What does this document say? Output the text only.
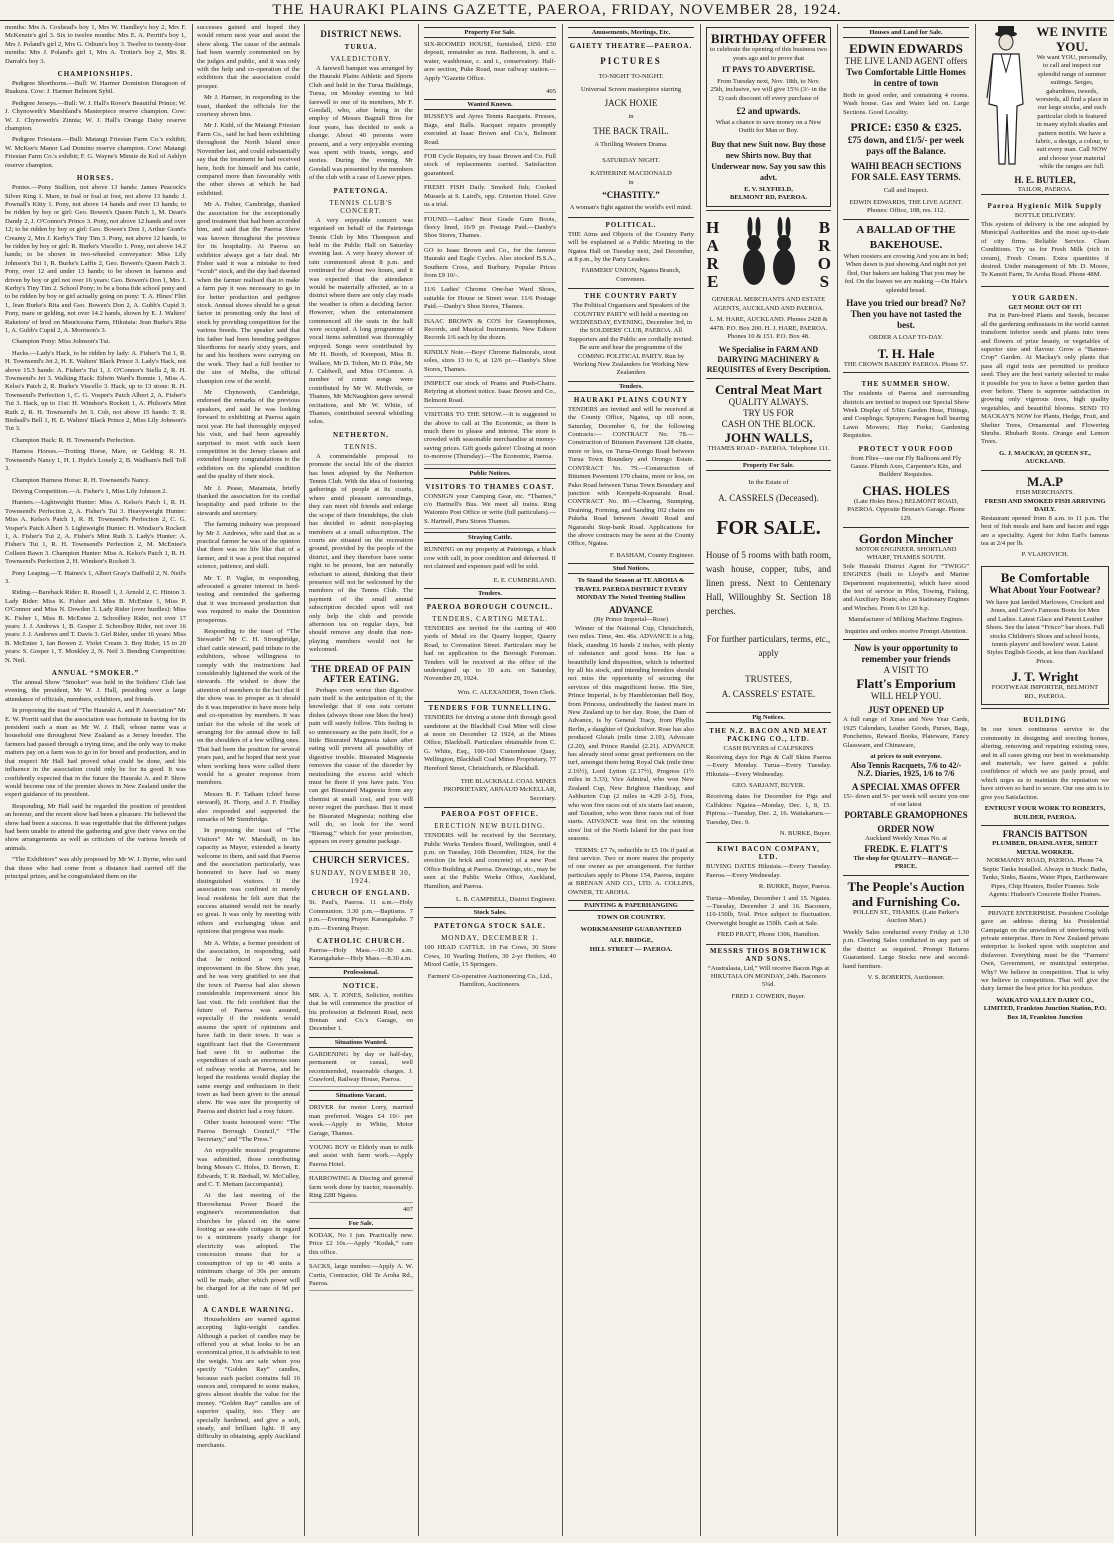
THE HAURAKI PLAINS GAZETTE, PAEROA, FRIDAY, NOVEMBER 28, 1924.

months: Mrs A. Coxhead's boy 1, Mrs W. Handley's boy 2, Mrs F. McKenzie's girl 3. Six to twelve months: Mrs E. A. Perritt's boy 1, Mrs J. Poland's girl 2, Mrs G. Odium's boy 3. Twelve to twenty-four months: Mrs J. Poland's girl 1, Mrs A. Trotter's boy 2, Mrs R. Darrah's boy 3.

CHAMPIONSHIPS.

Pedigree Shorthorns.—Bull: W. Harmer Dominion Duragoon of Ruakura. Cow: J. Harmer Belmont Sybil.

Pedigree Jerseys.—Bull: W. J. Hall's Rover's Beautiful Prince; W. J. Chynoweth's Marshland's Masterpiece reserve champion. Cow: W. J. Chynoweth's Zinnia; W. J. Hall's Orange Daisy reserve champion.

Pedigree Friesians.—Bull: Matangi Friesian Farm Co.'s exhibit; W. McKee's Manor Lad Domino reserve champion. Cow: Matangi Friesian Farm Co.'s exhibit; F. G. Wayne's Minnie de Kol of Ashlyn reserve champion.

HORSES.

Ponies.—Pony Stallion, not above 13 hands: James Peacock's Silver King 1. Mare, in foal or foal at foot, not above 13 hands: J. Pownall's Kitty 1. Pony, not above 14 hands and over 13 hands; to be ridden by boy or girl: Geo. Bowen's Queen Patch 1, M. Dean's Dandy 2, J. O'Connor's Prince 3. Pony, not above 12 hands and over 12; to be ridden by boy or girl: Geo. Bowen's Don 1, Arthur Grant's Creamy 2, Mrs J. Kerby's Tiny Tim 3. Pony, not above 12 hands, to be ridden by boy or girl: R. Burke's Viscello 1. Pony, not above 14.2 hands; to be shown in two-wheeled conveyance: Miss Lily Johnson's Tui 1, R. Burke's Laffie 2, Geo. Bowen's Queen Patch 3. Pony, over 12 and under 13 hands; to be shown in harness and driven by boy or girl not over 16 years: Geo. Bowen's Don 1, Mrs J. Kerby's Tiny Tim 2. School Pony; to be a bona fide school pony and to be ridden by boy or girl actually going on pony: T. A. Hines' Flirt 1, Jean Burke's Rita and Geo. Bowen's Don 2, A. Gubb's Cupid 3. Pony, mare or gelding, not over 14.2 hands, shown by E. J. Walters' Rakeiora' of bred on Mauriceana Farm, Hikutaia: Jean Burke's Rita 1, A. Gubb's Cupid 2, A. Morrison's 3.

Champion Pony: Miss Johnson's Tui.

Hacks.—Lady's Hack, to be ridden by lady: A. Fisher's Tui 1, R. H. Townsend's Jet 2, H. E. Walters' Black Prince 3. Lady's Hack, not above 15.3 hands: A. Fisher's Tui 1, J. O'Connor's Stella 2, R. H. Townsend's Jet 3. Walking Hack: Edwin Ward's Bonnie 1, Miss A. Kelso's Patch 2, R. Burke's Viscello 3. Hack, up to 13 stone: R. H. Townsend's Perfection 1, C. G. Vosper's Patch Albert 2, A. Fisher's Tui 3. Hack, up to 11st: H. Windsor's Rockett 1, A. Philson's Mint Ruth 2, R. H. Townsend's Jet 3. Cob, not above 15 hands: T. R. Birdsall's Bell 1, H. E. Walters' Black Prince 2, Miss Lily Johnson's Tui 3.

Champion Hack: R. H. Townsend's Perfection.

Harness Horses.—Trotting Horse, Mare, or Gelding: R. H. Townsend's Nancy 1, H. I. Hyde's Lonely 2, B. Wadham's Bell Toll 3.

Champion Harness Horse: R. H. Townsend's Nancy.

Driving Competition.—A. Fisher's 1, Miss Lily Johnson 2.

Hunters.—Lightweight Hunter: Miss A. Kelso's Patch 1, R. H. Townsend's Perfection 2, A. Fisher's Tui 3. Heavyweight Hunter: Miss A. Kelso's Patch 1, R. H. Townsend's Perfection 2, C. G. Vosper's Patch Albert 3. Lightweight Hunter: H. Windsor's Rockett 1, A. Fisher's Tui 2, A. Fisher's Mint Ruth 3. Lady's Hunter: A. Fisher's Tui 1, R. H. Townsend's Perfection 2, M. McEntee's Colleen Bawn 3. Champion Hunter: Miss A. Kelso's Patch 1, R. H. Townsend's Perfection 2, H. Windsor's Rockett 3.

Pony Leaping.—T. Haines's 1, Albert Gray's Daffodil 2, N. Neil's 3.

Riding.—Bareback Rider: R. Russell 1, J. Arnold 2, C. Hinton 3. Lady Rider: Miss K. Fisher and Miss B. McEntee 1, Miss P. O'Connor and Miss N. Dowden 3. Lady Rider (over hurdles): Miss K. Fisher 1, Miss B. McEntee 2. Schoolboy Rider, not over 17 years: J. J. Andrews 1, B. Gosper 2. Schoolboy Rider, not over 16 years: J. J. Andrews and T. Davis 3. Girl Rider, under 16 years: Miss B. McEntee 1, Ian Bowen 2. Violet Cream 3. Boy Rider, 15 to 20 years: S. Gosper 1, T. Monkley 2, N. Neil 3. Bending Competition: N. Neil.

ANNUAL “SMOKER.”

The annual Show “Smoker” was held in the Soldiers' Club last evening, the president, Mr W. J. Hall, presiding over a large attendance of officials, members, exhibitors, and friends.

In proposing the toast of “The Hauraki A. and P. Association” Mr E. W. Porritt said that the association was fortunate in having for its president such a man as Mr W. J. Hall, whose name was a household one throughout New Zealand as a Jersey breeder. The farmers had passed through a trying time, and the only way to make matters pay on a farm was to go in for breed and production, and in that respect Mr Hall had proved what could be done, and his influence in the association could only be for its good. It was confidently expected that in the future the Hauraki A. and P. Show would become one of the premier shows in New Zealand under the expert guidance of its president.

Responding, Mr Hall said he regarded the position of president an honour, and the recent show had been a pleasure. He believed the show had been a success. It was regrettable that the different judges had been unable to attend the gathering and give their views on the show arrangements as well as criticism of the various breeds of animals.

“The Exhibitors” was ably proposed by Mr W. J. Byrne, who said that those who had come from a distance had carried off the principal prizes, and he congratulated them on the

successes gained and hoped they would return next year and assist the show along. The cause of the animals had been warmly commented on by the judges and public, and it was only with the help and co-operation of the exhibitors that the association could prosper.

Mr J. Harmer, in responding to the toast, thanked the officials for the courtesy shown him.

Mr J. Kidd, of the Matangi Friesian Farm Co., said he had been exhibiting throughout the North Island since November last, and could substantially say that the treatment he had received here, both for himself and his cattle, compared more than favourably with the other shows at which he had exhibited.

Mr A. Fisher, Cambridge, thanked the association for the exceptionally good treatment that had been accorded him, and said that the Paeroa Show was known throughout the province for its hospitality. At Paeroa an exhibitor always got a fair deal. Mr Fisher said it was a mistake to feed “scrub” stock, and the day had dawned when the farmer realised that to make a farm pay it was necessary to go in for better production and pedigree stock. Annual shows should be a great factor in promoting only the best of stock by providing competition for the various breeds. The speaker said that his father had been breeding pedigree Shorthorns for nearly sixty years, and he and his brothers were carrying on the work. They had a full brother to the sire of Melba, the official champion cow of the world.

Mr Chynoweth, Cambridge, endorsed the remarks of the previous speakers, and said he was looking forward to exhibiting at Paeroa again next year. He had thoroughly enjoyed his visit, and had been agreeably surprised to meet with such keen competition in the Jersey classes and extended hearty congratulations to the exhibitors on the splendid condition and the quality of their stock.

Mr J. Pease, Matamata, briefly thanked the association for its cordial hospitality and paid tribute to the stewards and secretary.

The farming industry was proposed by Mr J. Andrews, who said that as a practical farmer he was of the opinion that there was no life like that of a farmer, and it was a post that required science, patience, and skill.

Mr T. P. Vaglar, in responding, advocated a greater interest in herd-testing and reminded the gathering that it was increased production that was required to make the Dominion prosperous.

Responding to the toast of “The Stewards” Mr C. H. Strongbridge, chief cattle steward, paid tribute to the exhibitors, whose willingness to comply with the instructions had considerably lightened the work of the stewards. He wished to draw the attention of members to the fact that if the show was to prosper as it should do it was imperative to have more help and co-operation by members. It was unfair for the whole of the work of arranging for the annual show to fall on the shoulders of a few willing ones. That had been the position for several years past, and he hoped that next year when working bees were called there would be a greater response from members.

Messrs B. F. Tatham (chief horse steward), H. Thorp, and J. F. Findlay also responded and supported the remarks of Mr Stembridge.

In proposing the toast of “The Visitors” Mr W. Marshall, in his capacity as Mayor, extended a hearty welcome to them, and said that Paeroa and the association particularly, was honoured to have had so many distinguished visitors. If the association was confined to merely local residents he felt sure that the success attained would not be nearly so great. It was only by meeting with others and exchanging ideas and opinions that progress was made.

Mr A. White, a former president of the association, in responding, said that he noticed a very big improvement in the Show this year, and he was very gratified to see that the town of Paeroa had also shown considerable improvement since his last visit. He felt confident that the future of Paeroa was assured, especially if the residents would assume the spirit of optimism and have faith in their town. It was a significant fact that the Government had seen fit to authorise the expenditure of such an enormous sum of railway works at Paeroa, and he hoped the residents would display the same energy and enthusiasm in their town as had been given to the annual show. He was sure the prosperity of Paeroa and district had a rosy future.

Other toasts honoured were: “The Paeroa Borough Council,” “The Secretary,” and “The Press.”

An enjoyable musical programme was submitted, those contributing being Messrs C. Holes, D. Brown, E. Edwards, T. R. Birdsall, W. McCulley, and C. T. Mettam (accompanist).

At the last meeting of the Horowhenua Power Board the engineer's recommendation that churches be placed on the same footing as sea-side cottages in regard to a minimum yearly charge for electricity was adopted. The concession means that for a consumption of up to 40 units a minimum charge of 30s per annum will be made, after which power will be charged for at the rate of 9d per unit.

A CANDLE WARNING.

Householders are warned against accepting light-weight candles. Although a packet of candles may be offered you at what looks to be an economical price, it is advisable to test the weight. You are safe when you specify “Golden Ray” candles, because each packet contains full 16 ounces and, compared to some makes, gives almost double the value for the money. “Golden Ray” candles are of superior quality, too. They are specially hardened, and give a soft, steady, and brilliant light. If any difficulty in obtaining, apply Auckland merchants.

DISTRICT NEWS.
TURUA.
VALEDICTORY.

A farewell banquet was arranged by the Hauraki Plains Athletic and Sports Club and held in the Turua Buildings, Turua, on Monday evening to bid farewell to one of its members, Mr F. Goodall, who, after being in the employ of Messrs Bagnall Bros for four years, has decided to seek a change. About 40 persons were present, and a very enjoyable evening was spent with toasts, songs, and stories. During the evening Mr Goodall was presented by the members of the club with a case of Loewe pipes.

PATETONGA.
TENNIS CLUB'S CONCERT.

A very enjoyable concert was organised on behalf of the Patetonga Tennis Club by Mrs Thompson and held in the Public Hall on Saturday evening last. A very heavy shower of rain commenced about 8 p.m. and continued for about two hours, and it was expected that the attendance would be materially affected, as in a district where there are only clay roads the weather is often a deciding factor. However, when the entertainment commenced all the seats in the hall were occupied. A long programme of vocal items submitted was thoroughly enjoyed. Songs were contributed by Mr H. Booth, of Kereponi, Miss B. Wallace, Mr D. Tohon, Mr D. Pike, Mr J. Caldwell, and Miss O'Connor. A number of comic songs were contributed by Mr W. McIlvride, or Thames, Mr McNaughton gave several recitations, and Mr W. White, of Thames, contributed several whistling solos.

NETHERTON.
TENNIS.

A commendable proposal to promote the social life of the district has been adopted by the Netherton Tennis Club. With the idea of fostering gatherings of people at its courts, where amid pleasant surroundings, they can meet old friends and enlarge the scope of their friendships, the club has decided to admit non-playing members at a small subscription. The courts are situated on the recreation ground, provided by the people of the district, and they therefore have some right to be present, but are naturally reluctant to attend, thinking that their presence will not be welcomed by the members of the Tennis Club. The payment of the small annual subscription decided upon will not only help the club and provide afternoon tea on regular days, but should remove any doubt that non-playing members would not be welcomed.

THE DREAD OF PAIN AFTER EATING.

Perhaps even worse than digestive pain itself is the anticipation of it; the knowledge that if one eats certain dishes (always those one likes the best) pain will surely follow. This feeling is so unnecessary as the pain itself, for a little Bisurated Magnesia taken after eating will prevent all possibility of digestive trouble. Bisurated Magnesia removes the cause of the disorder by neutralising the excess acid which must be there if you have pain. You can get Bisurated Magnesia from any chemist at small cost, and you will never regret the purchase. But it must be Bisurated Magnesia; nothing else will do, so look for the word “Bismag,” which for your protection, appears on every genuine package.

CHURCH SERVICES.
SUNDAY, NOVEMBER 30, 1924.
CHURCH OF ENGLAND.

St. Paul's, Paeroa. 11 a.m.—Holy Communion. 3.30 p.m.—Baptisms. 7 p.m.—Evening Prayer. Karangahake. 7 p.m.—Evening Prayer.

CATHOLIC CHURCH.

Paeroa—Holy Mass.—10.30 a.m. Karangahake—Holy Mass.—8.30 a.m.

Professional.
NOTICE.

MR. A. T. JONES, Solicitor, notifies that he will commence the practice of his profession at Belmont Road, next Brenan and Co.'s Garage, on December 1.

Situations Wanted.

GARDENING by day or half-day, permanent or casual, well recommended, reasonable charges. J. Crawford, Railway House, Paeroa.

Situations Vacant.

DRIVER for motor Lorry, married man preferred. Wages £4 10/- per week.—Apply to White, Motor Garage, Thames.

YOUNG BOY or Elderly man to milk and assist with farm work.—Apply Paeroa Hotel.

HARROWING & Discing and general farm work done by tractor, reasonably. Ring 228I Ngatea.

407
For Sale.

KODAK, No 1 jun. Practically new. Price £2 10s.—Apply “Kodak,” care this office.

SACKS, large number.—Apply A. W. Curtis, Contractor, Old Te Aroha Rd., Paeroa.

Property For Sale.

SIX-ROOMED HOUSE, furnished, £650. £50 deposit, remainder as rent. Bathroom, h. and c. water, washhouse, c. and t., conservatory. Half-acre section, Puke Road, near railway station.—Apply “Gazette Office.

405
Wanted Known.

BUSSEYS and Ayres Tennis Racquets. Presses, Bags, and Balls. Racquet repairs promptly executed at Isaac Brown and Co.'s, Belmont Road.

FOR Cycle Repairs, try Isaac Brown and Co. Full stock of replacements carried. Satisfaction guaranteed.

FRESH FISH Daily. Smoked fish; Cooked Mussels at S. Laird's, opp. Criterion Hotel. Give us a trial.

FOUND.—Ladies' Best Grade Gum Boots, fleecy lined, 16/9 pr. Postage Paid.—Danby's Shoe Stores, Thames.

GO to Isaac Brown and Co., for the famous Hauraki and Eagle Cycles. Also stocked B.S.A., Southern Cross, and Burbury. Popular Prices from £9 10/-.

11/6 Ladies' Chrome One-bar Ward Shoes, suitable for House or Street wear. 11/6 Postage Paid.—Danby's Shoe Stores, Thames.

ISAAC BROWN & CO'S for Gramophones, Records, and Musical Instruments. New Edison Records 1/6 each by the dozen.

KINDLY Note.—Boys' Chrome Balmorals, stout soles, sizes 13 to 6, at 12/6 pr.—Danby's Shoe Stores, Thames.

INSPECT our stock of Prams and Push-Chairs. Retyring at shortest notice. Isaac Brown and Co., Belmont Road.

VISITORS TO THE SHOW.—It is suggested to the above to call at The Economic, as there is much there to please and interest. The store is crowded with seasonable merchandise at money-saving prices. Gift goods galore! Closing at noon to-morrow (Thursday).—The Economic, Paeroa.

Public Notices.
VISITORS TO THAMES COAST.

CONSIGN your Camping Gear, etc. “Thames,” c/o Hartnell's Bus. We meet all trains. Ring Waiomio Post Office or write (full particulars).—S. Hartnell, Puru Stores Thames.

Straying Cattle.

RUNNING on my property at Patetonga, a black cow with calf, in poor condition and dehorned. If not claimed and expenses paid will be sold.

E. E. CUMBERLAND.
Tenders.
PAEROA BOROUGH COUNCIL.
TENDERS, CARTING METAL.

TENDERS are invited for the carting of 400 yards of Metal ex the Quarry hopper, Quarry Road, to Coronation Street. Particulars may be had on application to the Borough Foreman. Tenders will be received at the office of the undersigned up to 10 a.m. on Saturday, November 29, 1924.

Wm. C. ALEXANDER, Town Clerk.
TENDERS FOR TUNNELLING.

TENDERS for driving a stone drift through good sandstone at the Blackball Coal Mine will close at noon on December 12 1924, at the Mines Office, Blackball. Particulars obtainable from C. G. White, Esq., 100-103 Customhouse Quay, Wellington, Blackball Coal Mines Proprietary, 77 Hereford Street, Christchurch, or Blackball.

THE BLACKBALL COAL MINES PROPRIETARY, ARNAUD McKELLAR, Secretary.
PAEROA POST OFFICE.
ERECTION NEW BUILDING.

TENDERS will be received by the Secretary, Public Works Tenders Board, Wellington, until 4 p.m. on Tuesday, 16th December, 1924, for the erection (in brick and concrete) of a new Post Office Building at Paeroa. Drawings, etc., may be seen at the Public Works Office, Auckland, Hamilton, and Paeroa.

L. B. CAMPBELL, District Engineer.
Stock Sales.
PATETONGA STOCK SALE.
MONDAY, DECEMBER 1.

100 HEAD CATTLE. 18 Fat Cows, 30 Store Cows, 10 Yearling Heifers, 30 2-yr Heifers, 40 Mixed Cattle, 15 Springers.

Farmers' Co-operative Auctioneering Co., Ltd., Hamilton, Auctioneers.

Amusements, Meetings, Etc.
GAIETY THEATRE—PAEROA.
PICTURES
TO-NIGHT TO-NIGHT.
Universal Screen masterpiece starring
JACK HOXIE
in
THE BACK TRAIL.
A Thrilling Western Drama.
SATURDAY NIGHT.
KATHERINE MACDONALD
in
“CHASTITY.”
A woman's fight against the world's evil mind.
POLITICAL.

THE Aims and Objects of the Country Party will be explained at a Public Meeting in the Ngatea Hall on Tuesday next, 2nd December, at 8 p.m., by the Party Leaders.

FARMERS' UNION, Ngatea Branch, Conveners.
THE COUNTRY PARTY

The Political Organisers and Speakers of the COUNTRY PARTY will hold a meeting on WEDNESDAY, EVENING, December 3rd, in the SOLDIERS' CLUB, PAEROA. All Supporters and the Public are cordially invited. Be sure and hear the programme of the COMING POLITICAL PARTY. Run by Working New Zealanders for Working New Zealanders

Tenders.
HAURAKI PLAINS COUNTY

TENDERS are invited and will be received at the County Office, Ngatea, up till noon, Saturday, December 6, for the following Contracts:— CONTRACT No. 78.—Construction of Bitumen Pavement 128 chains, more or less, on Turua-Orongo Road between Turua Town Boundary and Orongo Estate. CONTRACT No. 79.—Construction of Bitumen Pavement 170 chains, more or less, on Pako Road between Turua Town Boundary and junction with Kerepehi-Kopuarahi Road. CONTRACT No. 80.—Clearing, Stumping, Draining, Forming, and Sanding 102 chains on Pukeha Road between Awaiti Road and Ngararahi Stop-bank Road. Applications for the above contracts may be seen at the County Office, Ngatea.

F. BASHAM, County Engineer.
Stud Notices.

To Stand the Season at TE AROHA & TRAVEL PAEROA DISTRICT EVERY MONDAY The Noted Trotting Stallion

ADVANCE
(By Prince Imperial—Rose)

Winner of the National Cup, Christchurch, two miles. Time, 4m. 46s. ADVANCE is a big, black, standing 16 hands 2 inches, with plenty of substance and good bone. He has a beautifully kind disposition, which is inherited by all his stock, and intending breeders should not miss the opportunity of securing the services of this magnificent horse. His Sire, Prince Imperial, is by Hambletonian Bell Boy, from Princess, undoubtedly the fastest mare in New Zealand up to her day. Rose, the Dam of Advance, is by General Tracy, from Phyllis Berlin, a daughter of Quicksilver. Rose has also produced Glotah (mile time 2.10), Advocate (2.20), and Prince Randal (2.21). ADVANCE has already sired some great performers on the turf, amongst them being Royal Oak (mile time 2.16½), Lord Lytton (2.17½), Progress (1½ miles in 3.33), Vice Admiral, who won New Zealand Cup, New Brighton Handicap, and Ashburton Cup (2 miles in 4.29 2-5), Fora, who won five races out of six starts last season, and Taxation, who won three races out of four starts. ADVANCE was first on the winning sires' list of the North Island for the past four seasons.

TERMS: £7 7s, reducible to £5 10s if paid at first service. Two or more mares the property of one owner as per arrangement. For further particulars apply to Phone 154, Paeroa, inquire at BRENAN AND CO., LTD. A. COLLINS, OWNER, TE AROHA.

PAINTING & PAPERHANGING
TOWN OR COUNTRY.
WORKMANSHIP GUARANTEED
ALF. BRIDGE,
HILL STREET — PAEROA.
BIRTHDAY OFFER
to celebrate the opening of this business two years ago and to prove that
IT PAYS TO ADVERTISE.
From Tuesday next, Nov. 18th, to Nov. 25th, inclusive, we will give 15% (3/- in the £) cash discount off every purchase of
£2 and upwards.
What a chance to save money on a New Outfit for Man or Boy.
Buy that new Suit now. Buy those new Shirts now. Buy that Underwear now. Say you saw this advt.
E. V. SLYFIELD,
BELMONT RD, PAEROA.
H
A
R
E
B
R
O
S
GENERAL MERCHANTS AND ESTATE AGENTS, AUCKLAND AND PAEROA.
L. M. HARE, AUCKLAND. Phones 2428 & 4478. P.O. Box 200. H. J. HARE, PAEROA. Phones 10 & 151. P.O. Box 48.
We Specialise in FARM AND DAIRYING MACHINERY & REQUISITES of Every Description.
Central Meat Mart
QUALITY ALWAYS.
TRY US FOR
CASH ON THE BLOCK.
JOHN WALLS,
THAMES ROAD - PAEROA. Telephone 111.
Property For Sale.
In the Estate of
A. CASSRELS (Deceased).
FOR SALE.

House of 5 rooms with bath room, wash house, copper, tubs, and linen press. Next to Centenary Hall, Willoughby St. Section 18 perches.

For further particulars, terms, etc., apply

TRUSTEES,
A. CASSRELS' ESTATE.
Pig Notices.
THE N.Z. BACON AND MEAT PACKING CO., LTD.
CASH BUYERS of CALFSKINS

Receiving days for Pigs & Calf Skins Paeroa—Every Monday. Turua—Every Tuesday. Hikutaia—Every Wednesday.

GEO. SARJANT, BUYER.

Receiving dates for December for Pigs and Calfskins: Ngatea—Monday, Dec. 1, 8, 15. Pipiroa.—Tuesday, Dec. 2, 16. Waitakaruru.—Tuesday, Dec. 9.

N. BURKE, Buyer.
KIWI BACON COMPANY, LTD.

BUYING DATES Hikutaia.—Every Tuesday. Paeroa.—Every Wednesday.

R. BURKE, Buyer, Paeroa.

Turua—Monday, December 1 and 15. Ngatea.—Tuesday, December 2 and 16. Baconers, 110-150lb, 5¼d. Price subject to fluctuation. Overweight bought as 150lb. Cash at Sale.

FRED PRATT, Phone 1306, Hamilton.
MESSRS THOS BORTHWICK AND SONS.

“Australasia, Ltd,” Will receive Bacon Pigs at HIKUTAIA ON MONDAY, 24th. Baconers 5¾d.

FRED J. COWERN, Buyer.
Houses and Land for Sale.
EDWIN EDWARDS
THE LIVE LAND AGENT offers
Two Comfortable Little Homes in centre of town

Both in good order, and containing 4 rooms. Wash house. Gas and Water laid on. Large Sections. Good Locality.

PRICE: £350 & £325.
£75 down, and £1/5/- per week pays off the Balance.
WAIHI BEACH SECTIONS FOR SALE. EASY TERMS.
Call and Inspect.
EDWIN EDWARDS, THE LIVE AGENT. Phones: Office, 108, res. 112.
A BALLAD OF THE BAKEHOUSE.

When roosters are crowing And you are in bed; When dawn is just showing And night not yet fled, Our bakers are baking That you may be fed. On the loaves we are making —On Hale's splendid bread.

Have you tried our bread? No? Then you have not tasted the best.
ORDER A LOAF TO-DAY.
T. H. Hale
THE CROWN BAKERY PAEROA. Phone 57.
THE SUMMER SHOW.

The residents of Paeroa and surrounding districts are invited to inspect our Special Show Week Display of 5/6in Garden Hose, Fittings, and Couplings; Sprayers; Paragon ball bearing Lawn Mowers; Hay Forks; Gardening Requisites.

PROTECT YOUR FOOD

from Flies—use our Fly Balloons and Fly Gauze. Plumb Axes, Carpenter's Kits, and Builders' Requisites.

CHAS. HOLES
(Late Holes Bros.) BELMONT ROAD, PAEROA. Opposite Brenan's Garage. Phone 129.
Gordon Mincher
MOTOR ENGINEER. SHORTLAND WHARF, THAMES SOUTH.

Sole Hauraki District Agent for “TWIGG” ENGINES (built to Lloyd's and Marine Department requirements), which have stood the test of service in Pilot, Towing, Fishing, and Auxiliary Boats; also as Stationary Engines and Winches. From 6 to 120 h.p.

Manufacturer of Milking Machine Engines.
Inquiries and orders receive Prompt Attention.
Now is your opportunity to remember your friends
A VISIT TO
Flatt's Emporium
WILL HELP YOU.
JUST OPENED UP

A full range of Xmas and New Year Cards, 1925 Calendars, Leather Goods, Purses, Bags, Ponchettes, Reward Books, Plateware, Fancy Glassware, and Chinaware,

at prices to suit everyone.
Also Tennis Racquets, 7/6 to 42/- N.Z. Diaries, 1925, 1/6 to 7/6
A SPECIAL XMAS OFFER
15/- down and 5/- per week will secure you one of our latest
PORTABLE GRAMOPHONES
ORDER NOW
Auckland Weekly Xmas No. at
FREDK. E. FLATT'S
The shop for QUALITY—RANGE—PRICE.
The People's Auction and Furnishing Co.
POLLEN ST., THAMES. (Late Parker's Auction Mart.)

Weekly Sales conducted every Friday at 1.30 p.m. Clearing Sales conducted in any part of the district as required. Prompt Returns Guaranteed. Large Stocks new and second-hand furniture.

V. S. ROBERTS, Auctioneer.
WE INVITE YOU.

We want YOU, personally, to call and inspect our splendid range of summer suitings. Serges, gabardines, tweeds, worsteds, all find a place in our large stocks, and each particular cloth is featured in many stylish shades and pattern motifs. We have a fabric, a design, a colour, to suit every man. Call NOW and choose your material while the ranges are full.

H. E. BUTLER,
TAILOR, PAEROA.
Paeroa Hygienic Milk Supply
BOTTLE DELIVERY.

This system of delivery is the one adopted by Municipal Authorities and the most up-to-date of city firms. Reliable Service. Clean Conditions. Try us for Fresh Milk (rich in cream), Fresh Cream. Extra quantities if desired. Under management of Mr. D. Moore, Te Kanoti Farm, Te Aroha Road. Phone 48M.

YOUR GARDEN.
GET MORE OUT OF IT!

Put in Pure-bred Plants and Seeds, because all the gardening enthusiasts in the world cannot transform inferior seeds and plants into trees and flowers of prize beauty, or vegetables of superior size and flavour. Grow a “Banner-Crop” Garden. At Mackay's only plants that pass all rigid tests are permitted to produce seed. They are the best variety selected to make it possible for you to have a better garden than ever before. There is supreme satisfaction in growing only vigorous trees, high quality vegetables, and beautiful blooms. SEND TO MACKAY'S NOW for Plants, Hedge, Fruit, and Shelter Trees, Ornamental and Flowering Shrubs. Rhubarb Roots. Orange and Lemon Trees.

G. J. MACKAY, 28 QUEEN ST., AUCKLAND.
M.A.P
FISH MERCHANTS.
FRESH AND SMOKED FISH ARRIVING DAILY.

Restaurant opened from 8 a.m. to 11 p.m. The best of fish meals and ham and bacon and eggs are a speciality. Agent for John Earl's famous tea at 2/4 per lb.

P. VLAHOVICH.
Be Comfortable
What About Your Footwear?

We have just landed Marlowes, Crockett and Jones, and Cave's Famous Boots for Men and Ladies. Latest Glace and Patent Leather Shoes. See the latest “Frisco” bar shoes. Full stocks Children's Shoes and school boots, tennis players' and bowlers' wear. Latest Styles English Goods, at less than Auckland Prices.

J. T. Wright
FOOTWEAR IMPORTER, BELMONT RD., PAEROA.
BUILDING

In our town continuous service to the community in designing and erecting homes, altering, removing and repairing existing ones, and in all cases giving our best in workmanship and materials, we have gained a public confidence of which we are justly proud, and which urges us to maintain the reputation we have striven so hard to secure. Our one aim is to give you Satisfaction.

ENTRUST YOUR WORK TO ROBERTS, BUILDER, PAEROA.
FRANCIS BATTSON
PLUMBER, DRAINLAYER, SHEET METAL WORKER.
NORMANBY ROAD, PAEROA. Phone 74.

Septic Tanks Installed. Always in Stock: Baths, Tanks, Sinks, Basins, Water Pipes, Earthenware Pipes, Chip Heaters, Boiler Frames. Sole Agents: Hudson's Concrete Boiler Frames.

PRIVATE ENTERPRISE. President Coolidge gave an address during his Presidential Campaign on the unwisdom of interfering with private enterprise. Here in New Zealand private enterprise is looked upon with suspicion and disfavour. Everything must be the “Farmers' Own, Government, or municipal enterprise. Why? We believe in competition. That is why we believe in competition. That will give the dairy farmer the best price for his produce.

WAIKATO VALLEY DAIRY CO., LIMITED, Frankton Junction Station, P.O. Box 18, Frankton Junction
